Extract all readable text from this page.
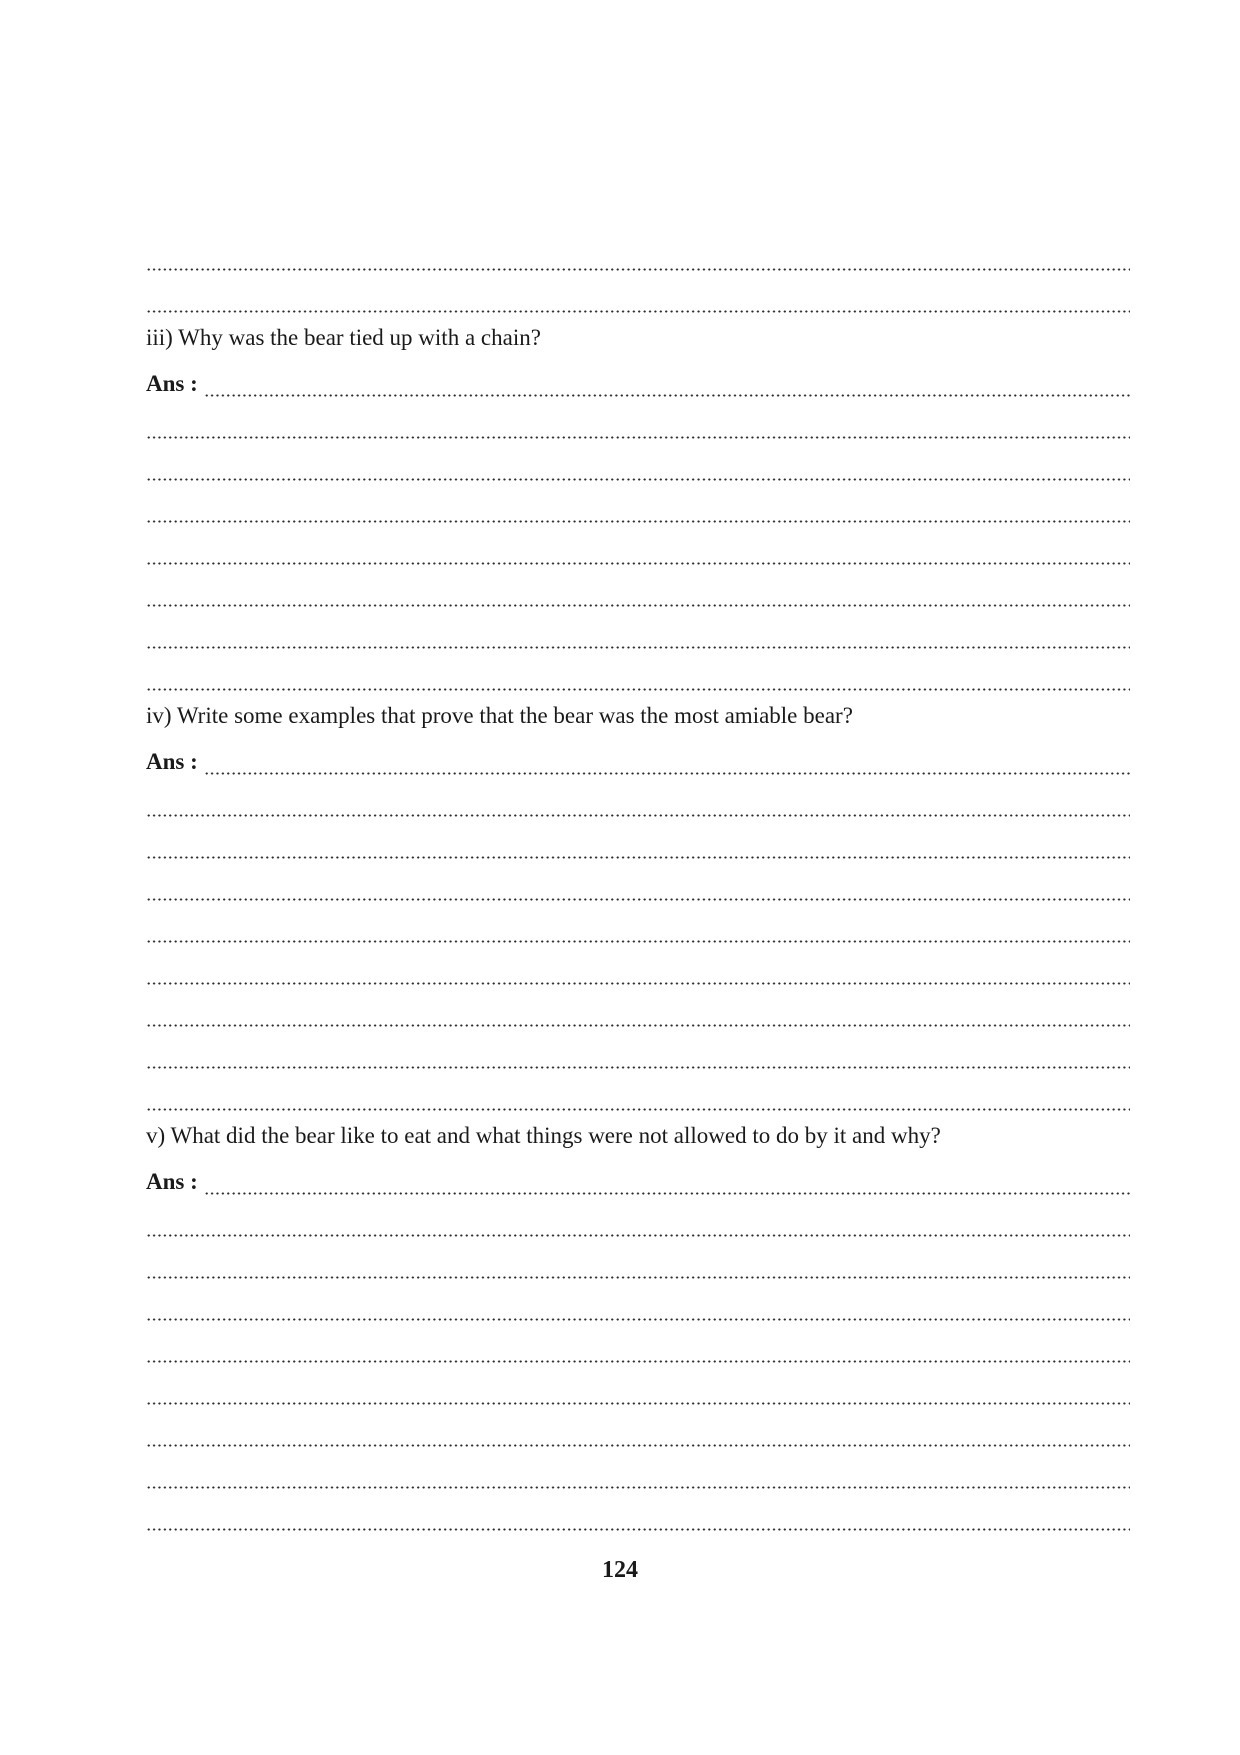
iii) Why was the bear tied up with a chain?
Ans :
iv) Write some examples that prove that the bear was the most amiable bear?
Ans :
v) What did the bear like to eat and what things were not allowed to do by it and why?
Ans :
124
